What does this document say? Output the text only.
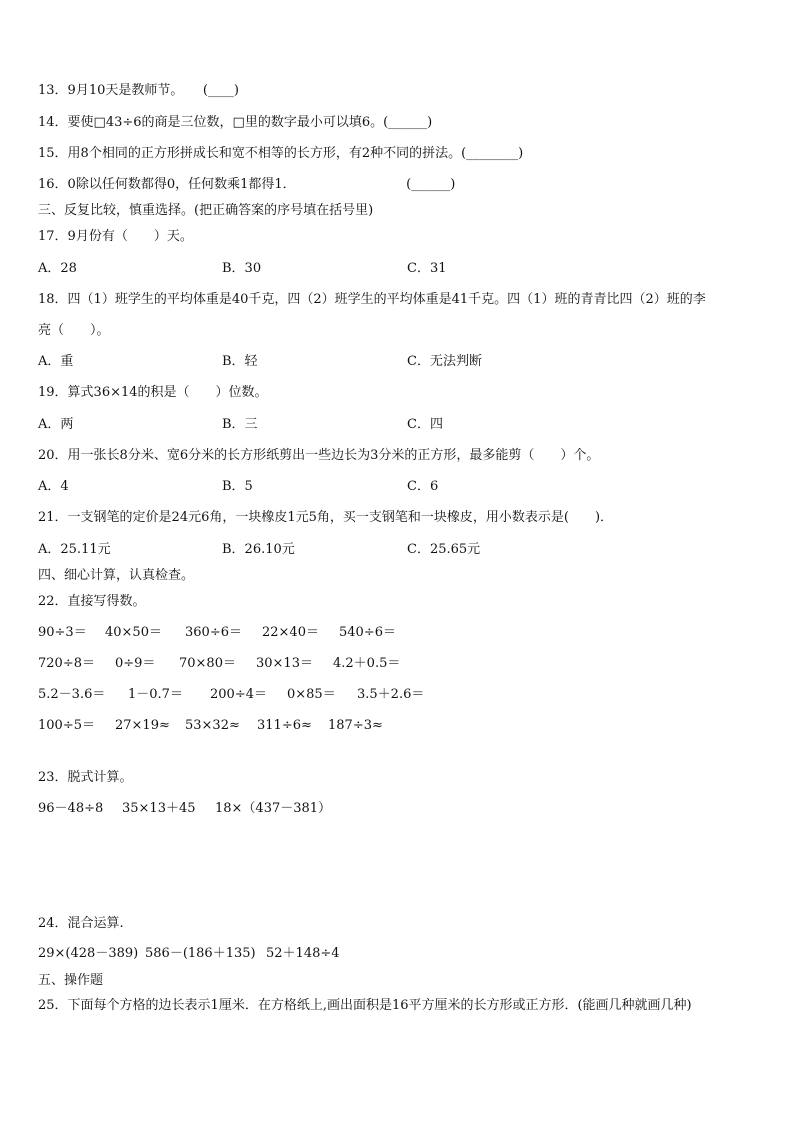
13．9月10天是教师节。　　(____)
14．要使□43÷6的商是三位数，□里的数字最小可以填6。(______)
15．用8个相同的正方形拼成长和宽不相等的长方形，有2种不同的拼法。(________)
16．0除以任何数都得0，任何数乘1都得1．　　　　　　　　　(______)
三、反复比较，慎重选择。(把正确答案的序号填在括号里)
17．9月份有（　　）天。
A．28	B．30	C．31
18．四（1）班学生的平均体重是40千克，四（2）班学生的平均体重是41千克。四（1）班的青青比四（2）班的李
亮（　　）。
A．重	B．轻	C．无法判断
19．算式36×14的积是（　　）位数。
A．两	B．三	C．四
20．用一张长8分米、宽6分米的长方形纸剪出一些边长为3分米的正方形，最多能剪（　　）个。
A．4	B．5	C．6
21．一支钢笔的定价是24元6角，一块橡皮1元5角，买一支钢笔和一块橡皮，用小数表示是(　　)．
A．25.11元	B．26.10元	C．25.65元
四、细心计算，认真检查。
22．直接写得数。
90÷3＝ 40×50＝ 360÷6＝ 22×40＝ 540÷6＝
720÷8＝ 0÷9＝ 70×80＝ 30×13＝ 4.2＋0.5＝
5.2－3.6＝ 1－0.7＝ 200÷4＝ 0×85＝ 3.5＋2.6＝
100÷5＝ 27×19≈ 53×32≈ 311÷6≈ 187÷3≈
23．脱式计算。
96－48÷8 35×13＋45 18×（437－381）
24．混合运算.
29×(428－389) 586－(186＋135) 52＋148÷4
五、操作题
25．下面每个方格的边长表示1厘米．在方格纸上,画出面积是16平方厘米的长方形或正方形．(能画几种就画几种)
